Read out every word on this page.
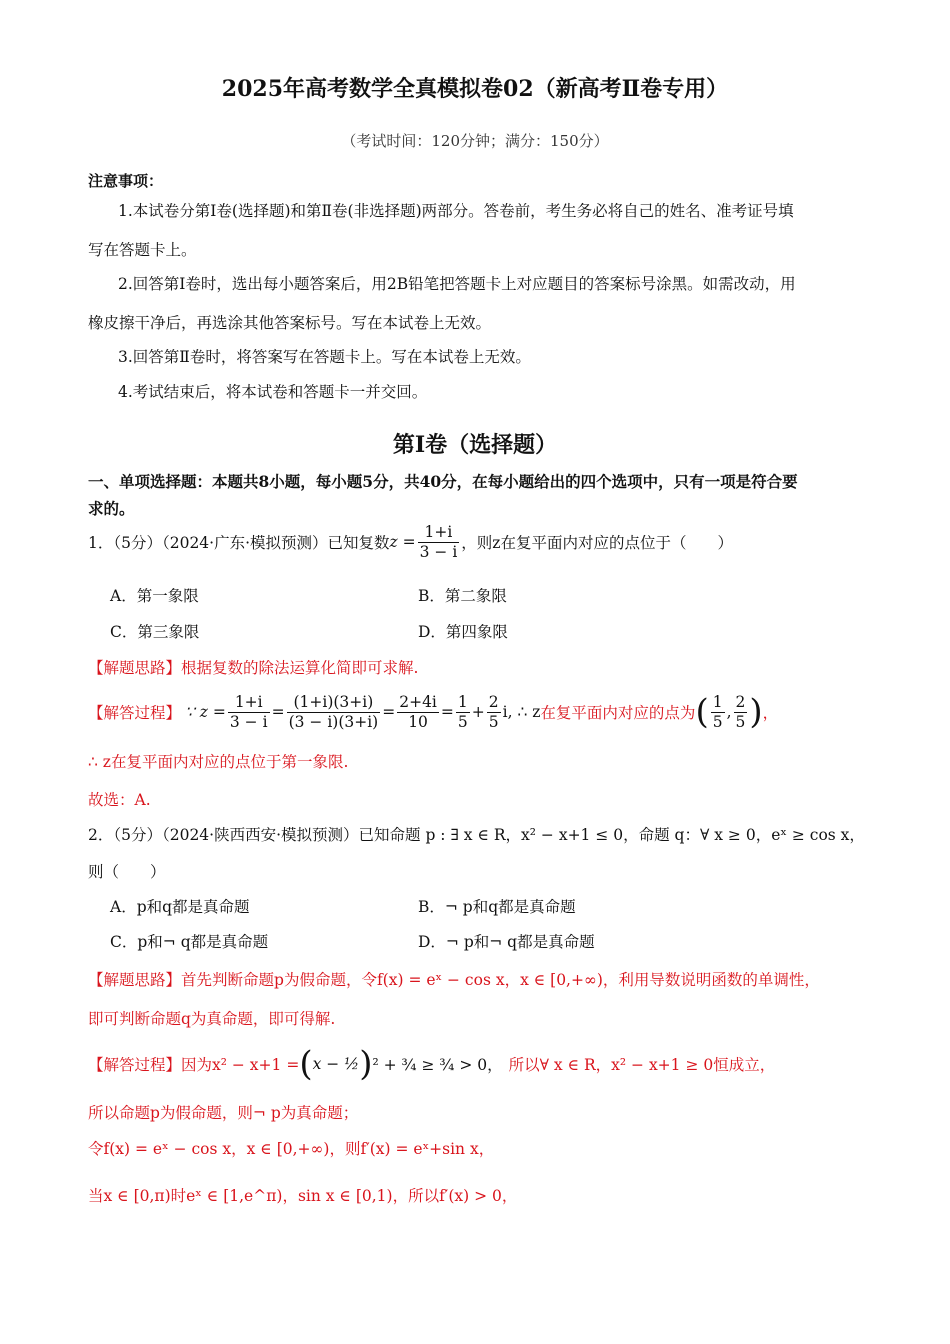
2025年高考数学全真模拟卷02（新高考Ⅱ卷专用）
（考试时间：120分钟；满分：150分）
注意事项：
1.本试卷分第I卷(选择题)和第Ⅱ卷(非选择题)两部分。答卷前，考生务必将自己的姓名、准考证号填
写在答题卡上。
2.回答第I卷时，选出每小题答案后，用2B铅笔把答题卡上对应题目的答案标号涂黑。如需改动，用
橡皮擦干净后，再选涂其他答案标号。写在本试卷上无效。
3.回答第Ⅱ卷时，将答案写在答题卡上。写在本试卷上无效。
4.考试结束后，将本试卷和答题卡一并交回。
第I卷（选择题）
一、单项选择题：本题共8小题，每小题5分，共40分，在每小题给出的四个选项中，只有一项是符合要
求的。
1．（5分）（2024·广东·模拟预测）已知复数 $z = \frac{1+i}{3 - i}$ ，则z在复平面内对应的点位于（　　）
A．第一象限	B．第二象限
C．第三象限	D．第四象限
【解题思路】根据复数的除法运算化简即可求解.
【解答过程】 ∵ $z = \frac{1+i}{3 - i} = \frac{(1+i)(3+i)}{(3 - i)(3+i)} = \frac{2+4i}{10} = \frac{1}{5} + \frac{2}{5} i$, ∴ z 在复平面内对应的点为 ( $\frac{1}{5}$ , $\frac{2}{5}$ ) ，
∴ z在复平面内对应的点位于第一象限.
故选：A.
2．（5分）（2024·陕西西安·模拟预测）已知命题 p : ∃ x ∈ R，x² − x+1 ≤ 0，命题 q：∀ x ≥ 0，eˣ ≥ cos x，
则（　　）
A．p和q都是真命题	B．¬ p和q都是真命题
C．p和¬ q都是真命题	D．¬ p和¬ q都是真命题
【解题思路】首先判断命题p为假命题，令f(x) = eˣ − cos x，x ∈ [0,+∞)，利用导数说明函数的单调性，
即可判断命题q为真命题，即可得解.
【解答过程】 因为x² − x+1 = ( x − ½ ) ² + ¾ ≥ ¾ > 0， 所以∀ x ∈ R，x² − x+1 ≥ 0恒成立，
所以命题p为假命题，则¬ p为真命题；
令f(x) = eˣ − cos x，x ∈ [0,+∞)，则f′(x) = eˣ+sin x，
当x ∈ [0,π)时eˣ ∈ [1,e^π)，sin x ∈ [0,1)，所以f′(x) > 0，
